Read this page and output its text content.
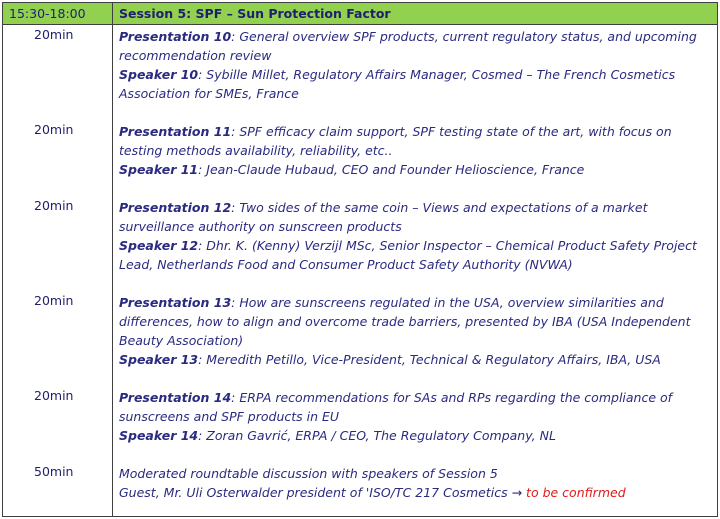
15:30-18:00	Session 5: SPF – Sun Protection Factor
20min	Presentation 10: General overview SPF products, current regulatory status, and upcoming recommendation review

Speaker 10: Sybille Millet, Regulatory Affairs Manager, Cosmed – The French Cosmetics Association for SMEs, France

20min	Presentation 11: SPF efficacy claim support, SPF testing state of the art, with focus on testing methods availability, reliability, etc..

Speaker 11: Jean-Claude Hubaud, CEO and Founder Helioscience, France

20min	Presentation 12: Two sides of the same coin – Views and expectations of a market surveillance authority on sunscreen products

Speaker 12: Dhr. K. (Kenny) Verzijl MSc, Senior Inspector – Chemical Product Safety Project Lead, Netherlands Food and Consumer Product Safety Authority (NVWA)

20min	Presentation 13: How are sunscreens regulated in the USA, overview similarities and differences, how to align and overcome trade barriers, presented by IBA (USA Independent Beauty Association)

Speaker 13: Meredith Petillo, Vice-President, Technical & Regulatory Affairs, IBA, USA

20min	Presentation 14: ERPA recommendations for SAs and RPs regarding the compliance of sunscreens and SPF products in EU

Speaker 14: Zoran Gavrić, ERPA / CEO, The Regulatory Company, NL

50min	Moderated roundtable discussion with speakers of Session 5

Guest, Mr. Uli Osterwalder president of 'ISO/TC 217 Cosmetics → to be confirmed
